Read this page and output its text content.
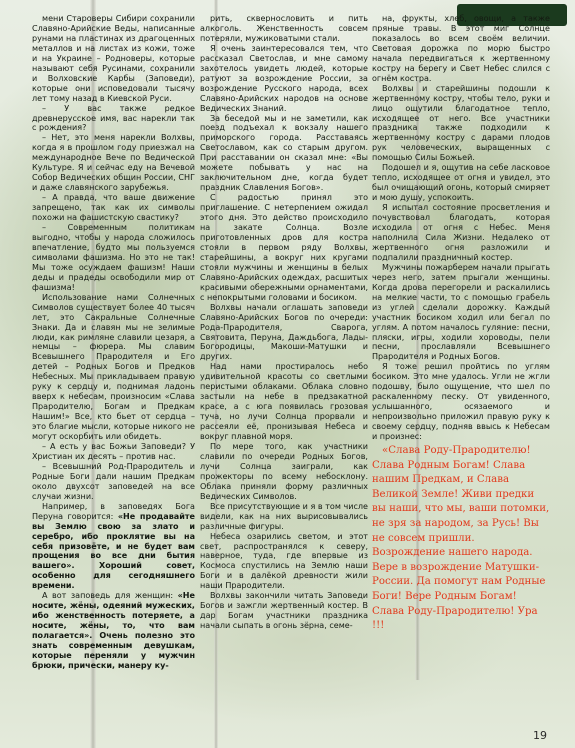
мени Староверы Сибири сохранили Славяно-Арийские Веды, написанные рунами на пластинах из драгоценных металлов и на листах из кожи, тоже и на Украине – Родноверы, которые называют себя Русинами, сохранили и Волховские Карбы (Заповеди), которые они исповедовали тысячу лет тому назад в Киевской Руси.

– У вас также редкое древнерусское имя, вас нарекли так с рождения?

– Нет, это меня нарекли Волхвы, когда я в прошлом году приезжал на международное Вече по Ведической Культуре. Я и сейчас еду на Вечевой Собор Ведических общин России, СНГ и даже славянского зарубежья.

– А правда, что ваше движение запрещено, так как их символы похожи на фашистскую свастику?

– Современным политикам выгодно, чтобы у народа сложилось впечатление, будто мы пользуемся символами фашизма. Но это не так! Мы тоже осуждаем фашизм! Наши деды и прадеды освободили мир от фашизма!

Использование нами Солнечных Символов существует более 40 тысяч лет, это Сакральные Солнечные Знаки. Да и славян мы не зелимые люди, как римляне славили цезаря, а немцы – фюрера. Мы славим Всевышнего Прародителя и Его детей – Родных Богов и Предков Небесных. Мы прикладываем правую руку к сердцу и, поднимая ладонь вверх к небесам, произносим «Слава Прародителю, Богам и Предкам Нашим!» Все, кто бьет от сердца – это благие мысли, которые никого не могут оскорбить или обидеть.

– А есть у вас Божьи Заповеди? У Христиан их десять – против нас.

– Всевышний Род-Прародитель и Родные Боги дали нашим Предкам около двухсот заповедей на все случаи жизни.

Например, в заповедях Бога Перуна говорится: «Не продавайте вы Землю свою за злато и серебро, ибо проклятие вы на себя призовёте, и не будет вам прощения во все дни бытия вашего». Хороший совет, особенно для сегодняшнего времени.

А вот заповедь для женщин: «Не носите, жёны, одеяний мужеских, ибо женственность потеряете, а носите, жёны, то, что вам полагается». Очень полезно это знать современным девушкам, которые переняли у мужчин брюки, прически, манеру ку-

рить, сквернословить и пить алкоголь. Женственность совсем потеряли, мужиковатыми стали.

Я очень заинтересовался тем, что рассказал Светослав, и мне самому захотелось увидеть людей, которые ратуют за возрождение России, за возрождение Русского народа, всех Славяно-Арийских народов на основе Ведических Знаний.

За беседой мы и не заметили, как поезд подъехал к вокзалу нашего приморского города. Расставаясь Светославом, как со старым другом. При расставании он сказал мне: «Вы можете побывать у нас на заключительном дне, когда будет праздник Славления Богов».

С радостью принял это приглашение. С нетерпением ожидал этого дня. Это действо происходило на закате Солнца. Возле приготовленных дров для костра стояли в первом ряду Волхвы, старейшины, а вокруг них кругами стояли мужчины и женщины в белых Славяно-Арийских одеждах, расшитых красивыми обережными орнаментами, с непокрытыми головами и босиком.

Волхвы начали оглашать заповеди Славяно-Арийских Богов по очереди: Рода-Прародителя, Сварога, Святовита, Перуна, Даждьбога, Лады-Богородицы, Макоши-Матушки и других.

Над нами простиралось небо удивительной красоты со светлыми перистыми облаками. Облака словно застыли на небе в предзакатной красе, а с юга появилась грозовая туча, но лучи Солнца прорвали и рассеяли её, пронизывая Небеса и вокруг плавной моря.

По мере того, как участники славили по очереди Родных Богов, лучи Солнца заиграли, как прожекторы по всему небосклону. Облака приняли форму различных Ведических Символов.

Все присутствующие и я в том числе видели, как на них вырисовывались различные фигуры.

Небеса озарились светом, и этот свет, распространялся к северу, наверное, туда, где впервые из Космоса спустились на Землю наши Боги и в далёкой древности жили наши Прародители.

Волхвы закончили читать Заповеди Богов и зажгли жертвенный костер. В дар Богам участники праздника начали сыпать в огонь зёрна, семе-

на, фрукты, хлеб, овощи, а также пряные травы. В этот миг Солнце показалось во всем своём величии. Световая дорожка по морю быстро начала передвигаться к жертвенному костру на берегу и Свет Небес слился с огнём костра.

Волхвы и старейшины подошли к жертвенному костру, чтобы тело, руки и лицо ощутили благодатное тепло, исходящее от него. Все участники праздника также подходили к жертвенному костру с дарами плодов рук человеческих, выращенных с помощью Силы Божьей.

Подошел и я, ощутив на себе ласковое тепло, исходящее от огня и увидел, это был очищающий огонь, который смиряет и мою душу, успокоить.

Я испытал состояние просветления и почувствовал благодать, которая исходила от огня с Небес. Меня наполнила Сила Жизни. Недалеко от жертвенного огня разложили и подпалили праздничный костер.

Мужчины пожарберем начали прыгать через него, затем прыгали женщины. Когда дрова перегорели и раскалились на мелкие части, то с помощью грабель из углей сделали дорожку. Каждый участник босиком ходил или бегал по углям. А потом началось гуляние: песни, пляски, игры, ходили хороводы, пели песни, прославляли Всевышнего Прародителя и Родных Богов.

Я тоже решил пройтись по углям босиком. Это мне удалось. Угли не жгли подошву, было ощущение, что шел по раскаленному песку. От увиденного, услышанного, осязаемого и непроизвольно приложил правую руку к своему сердцу, подняв ввысь к Небесам и произнес:

«Слава Роду-Прародителю! Слава Родным Богам! Слава нашим Предкам, и Слава Великой Земле! Живи предки вы наши, что мы, ваши потомки, не зря за народом, за Русь! Вы не совсем пришли. Возрождение нашего народа. Вере в возрождение Матушки-России. Да помогут нам Родные Боги! Вере Родным Богам! Слава Роду-Прародителю! Ура !!!

19
